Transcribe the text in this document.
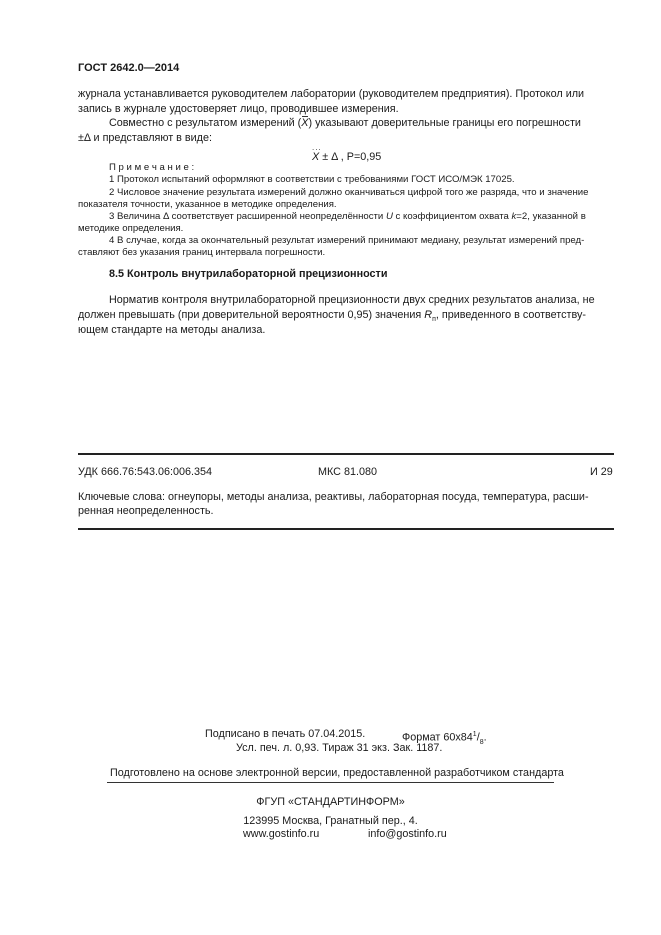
ГОСТ 2642.0—2014
журнала устанавливается руководителем лаборатории (руководителем предприятия). Протокол или
запись в журнале удостоверяет лицо, проводившее измерения.
Совместно с результатом измерений (X) указывают доверительные границы его погрешности
±Δ и представляют в виде:
...
X ± Δ , P=0,95
П р и м е ч а н и е :
1 Протокол испытаний оформляют в соответствии с требованиями ГОСТ ИСО/МЭК 17025.
2 Числовое значение результата измерений должно оканчиваться цифрой того же разряда, что и значение
показателя точности, указанное в методике определения.
3 Величина Δ соответствует расширенной неопределённости U с коэффициентом охвата k=2, указанной в
методике определения.
4 В случае, когда за окончательный результат измерений принимают медиану, результат измерений пред-
ставляют без указания границ интервала погрешности.
8.5 Контроль внутрилабораторной прецизионности
Норматив контроля внутрилабораторной прецизионности двух средних результатов анализа, не
должен превышать (при доверительной вероятности 0,95) значения $R_п$, приведенного в соответству-
ющем стандарте на методы анализа.
УДК 666.76:543.06:006.354	МКС 81.080	И 29
Ключевые слова: огнеупоры, методы анализа, реактивы, лабораторная посуда, температура, расши-
ренная неопределенность.
Подписано в печать 07.04.2015.	Формат $60х84^1/_8$.
Усл. печ. л. 0,93. Тираж 31 экз. Зак. 1187.
Подготовлено на основе электронной версии, предоставленной разработчиком стандарта
ФГУП «СТАНДАРТИНФОРМ»
123995 Москва, Гранатный пер., 4.
www.gostinfo.ru	info@gostinfo.ru
